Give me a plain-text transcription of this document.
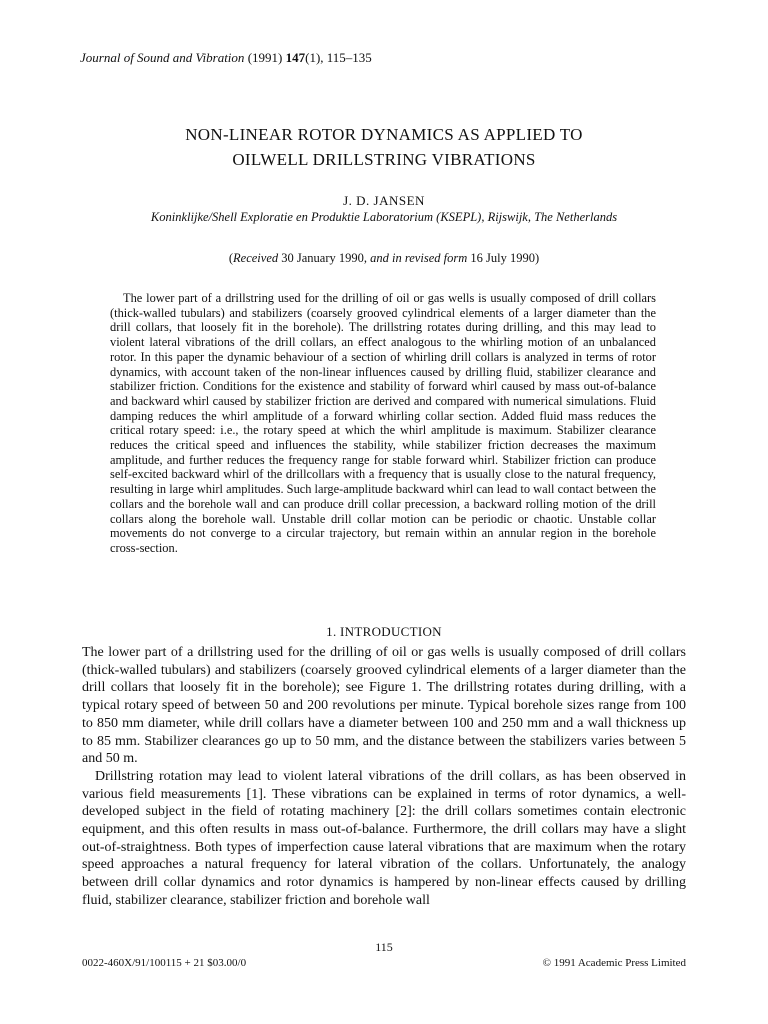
Journal of Sound and Vibration (1991) 147(1), 115–135
NON-LINEAR ROTOR DYNAMICS AS APPLIED TO
OILWELL DRILLSTRING VIBRATIONS
J. D. JANSEN
Koninklijke/Shell Exploratie en Produktie Laboratorium (KSEPL), Rijswijk, The Netherlands
(Received 30 January 1990, and in revised form 16 July 1990)

The lower part of a drillstring used for the drilling of oil or gas wells is usually composed of drill collars (thick-walled tubulars) and stabilizers (coarsely grooved cylindrical elements of a larger diameter than the drill collars, that loosely fit in the borehole). The drillstring rotates during drilling, and this may lead to violent lateral vibrations of the drill collars, an effect analogous to the whirling motion of an unbalanced rotor. In this paper the dynamic behaviour of a section of whirling drill collars is analyzed in terms of rotor dynamics, with account taken of the non-linear influences caused by drilling fluid, stabilizer clearance and stabilizer friction. Conditions for the existence and stability of forward whirl caused by mass out-of-balance and backward whirl caused by stabilizer friction are derived and compared with numerical simulations. Fluid damping reduces the whirl amplitude of a forward whirling collar section. Added fluid mass reduces the critical rotary speed: i.e., the rotary speed at which the whirl amplitude is maximum. Stabilizer clearance reduces the critical speed and influences the stability, while stabilizer friction decreases the maximum amplitude, and further reduces the frequency range for stable forward whirl. Stabilizer friction can produce self-excited backward whirl of the drillcollars with a frequency that is usually close to the natural frequency, resulting in large whirl amplitudes. Such large-amplitude backward whirl can lead to wall contact between the collars and the borehole wall and can produce drill collar precession, a backward rolling motion of the drill collars along the borehole wall. Unstable drill collar motion can be periodic or chaotic. Unstable collar movements do not converge to a circular trajectory, but remain within an annular region in the borehole cross-section.

1. INTRODUCTION

The lower part of a drillstring used for the drilling of oil or gas wells is usually composed of drill collars (thick-walled tubulars) and stabilizers (coarsely grooved cylindrical elements of a larger diameter than the drill collars that loosely fit in the borehole); see Figure 1. The drillstring rotates during drilling, with a typical rotary speed of between 50 and 200 revolutions per minute. Typical borehole sizes range from 100 to 850 mm diameter, while drill collars have a diameter between 100 and 250 mm and a wall thickness up to 85 mm. Stabilizer clearances go up to 50 mm, and the distance between the stabilizers varies between 5 and 50 m.

Drillstring rotation may lead to violent lateral vibrations of the drill collars, as has been observed in various field measurements [1]. These vibrations can be explained in terms of rotor dynamics, a well-developed subject in the field of rotating machinery [2]: the drill collars sometimes contain electronic equipment, and this often results in mass out-of-balance. Furthermore, the drill collars may have a slight out-of-straightness. Both types of imperfection cause lateral vibrations that are maximum when the rotary speed approaches a natural frequency for lateral vibration of the collars. Unfortunately, the analogy between drill collar dynamics and rotor dynamics is hampered by non-linear effects caused by drilling fluid, stabilizer clearance, stabilizer friction and borehole wall

115
0022-460X/91/100115 + 21 $03.00/0	© 1991 Academic Press Limited
